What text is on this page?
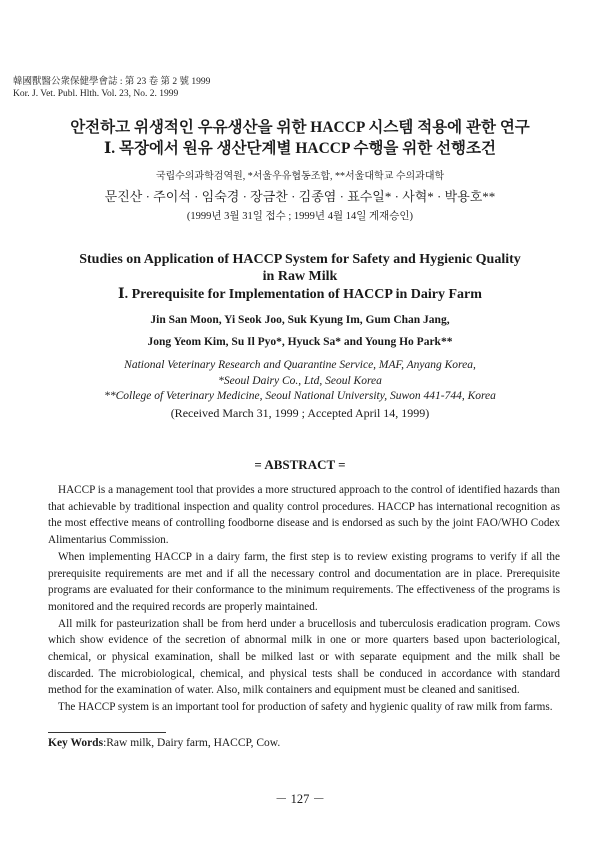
韓國獸醫公衆保健學會誌 : 第 23 卷 第 2 號 1999
Kor. J. Vet. Publ. Hlth. Vol. 23, No. 2. 1999
안전하고 위생적인 우유생산을 위한 HACCP 시스템 적용에 관한 연구
Ⅰ. 목장에서 원유 생산단계별 HACCP 수행을 위한 선행조건
국립수의과학검역원, *서울우유협동조합, **서울대학교 수의과대학
문진산 · 주이석 · 임숙경 · 장금찬 · 김종염 · 표수일* · 사혁* · 박용호**
(1999년 3월 31일 접수 ; 1999년 4월 14일 게재승인)
Studies on Application of HACCP System for Safety and Hygienic Quality
in Raw Milk
Ⅰ. Prerequisite for Implementation of HACCP in Dairy Farm
Jin San Moon, Yi Seok Joo, Suk Kyung Im, Gum Chan Jang,
Jong Yeom Kim, Su Il Pyo*, Hyuck Sa* and Young Ho Park**
National Veterinary Research and Quarantine Service, MAF, Anyang Korea,
*Seoul Dairy Co., Ltd, Seoul Korea
**College of Veterinary Medicine, Seoul National University, Suwon 441-744, Korea
(Received March 31, 1999 ; Accepted April 14, 1999)
= ABSTRACT =

HACCP is a management tool that provides a more structured approach to the control of identified hazards than that achievable by traditional inspection and quality control procedures. HACCP has international recognition as the most effective means of controlling foodborne disease and is endorsed as such by the joint FAO/WHO Codex Alimentarius Commission.

When implementing HACCP in a dairy farm, the first step is to review existing programs to verify if all the prerequisite requirements are met and if all the necessary control and documentation are in place. Prerequisite programs are evaluated for their conformance to the minimum requirements. The effectiveness of the programs is monitored and the required records are properly maintained.

All milk for pasteurization shall be from herd under a brucellosis and tuberculosis eradication program. Cows which show evidence of the secretion of abnormal milk in one or more quarters based upon bacteriological, chemical, or physical examination, shall be milked last or with separate equipment and the milk shall be discarded. The microbiological, chemical, and physical tests shall be conduced in accordance with standard method for the examination of water. Also, milk containers and equipment must be cleaned and sanitised.

The HACCP system is an important tool for production of safety and hygienic quality of raw milk from farms.

Key Words:Raw milk, Dairy farm, HACCP, Cow.
－ 127 －
